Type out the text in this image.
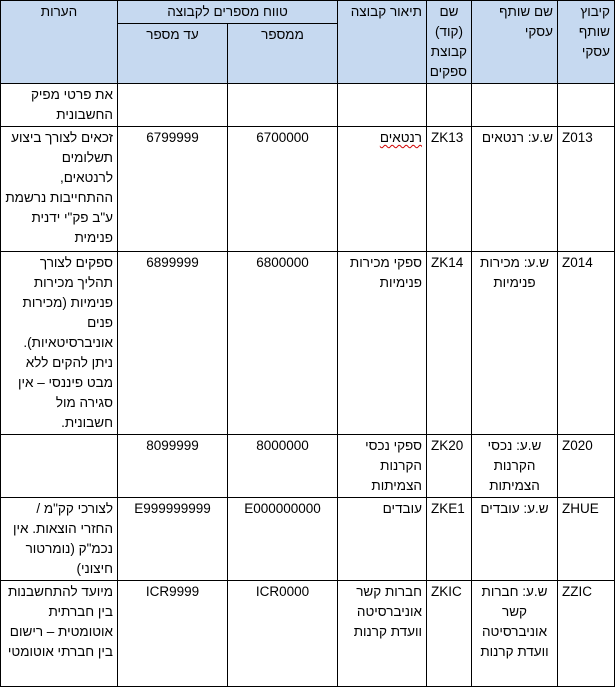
קיבוץ שותף עסקי	שם שותף עסקי	שם (קוד) קבוצת ספקים	תיאור קבוצה	טווח מספרים לקבוצה		הערות
				ממספר	עד מספר	
						את פרטי מפיק החשבונית
Z013	ש.ע: רנטאים	ZK13	רנטאים	6700000	6799999	זכאים לצורך ביצוע תשלומים לרנטאים, ההתחייבות נרשמת ע"ב פק"י ידנית פנימית
Z014	ש.ע: מכירות פנימיות	ZK14	ספקי מכירות פנימיות	6800000	6899999	ספקים לצורך תהליך מכירות פנימיות (מכירות פנים אוניברסיטאיות). ניתן להקים ללא מבט פיננסי – אין סגירה מול חשבונית.
Z020	ש.ע: נכסי הקרנות הצמיתות	ZK20	ספקי נכסי הקרנות הצמיתות	8000000	8099999	
ZHUE	ש.ע: עובדים	ZKE1	עובדים	E000000000	E999999999	לצורכי קק"מ / החזרי הוצאות. אין נכמ"ק (נומרטור חיצוני)
ZZIC	ש.ע: חברות קשר אוניברסיטה וועדת קרנות	ZKIC	חברות קשר אוניברסיטה וועדת קרנות	ICR0000	ICR9999	מיועד להתחשבנות בין חברתית אוטומטית – רישום בין חברתי אוטומטי
